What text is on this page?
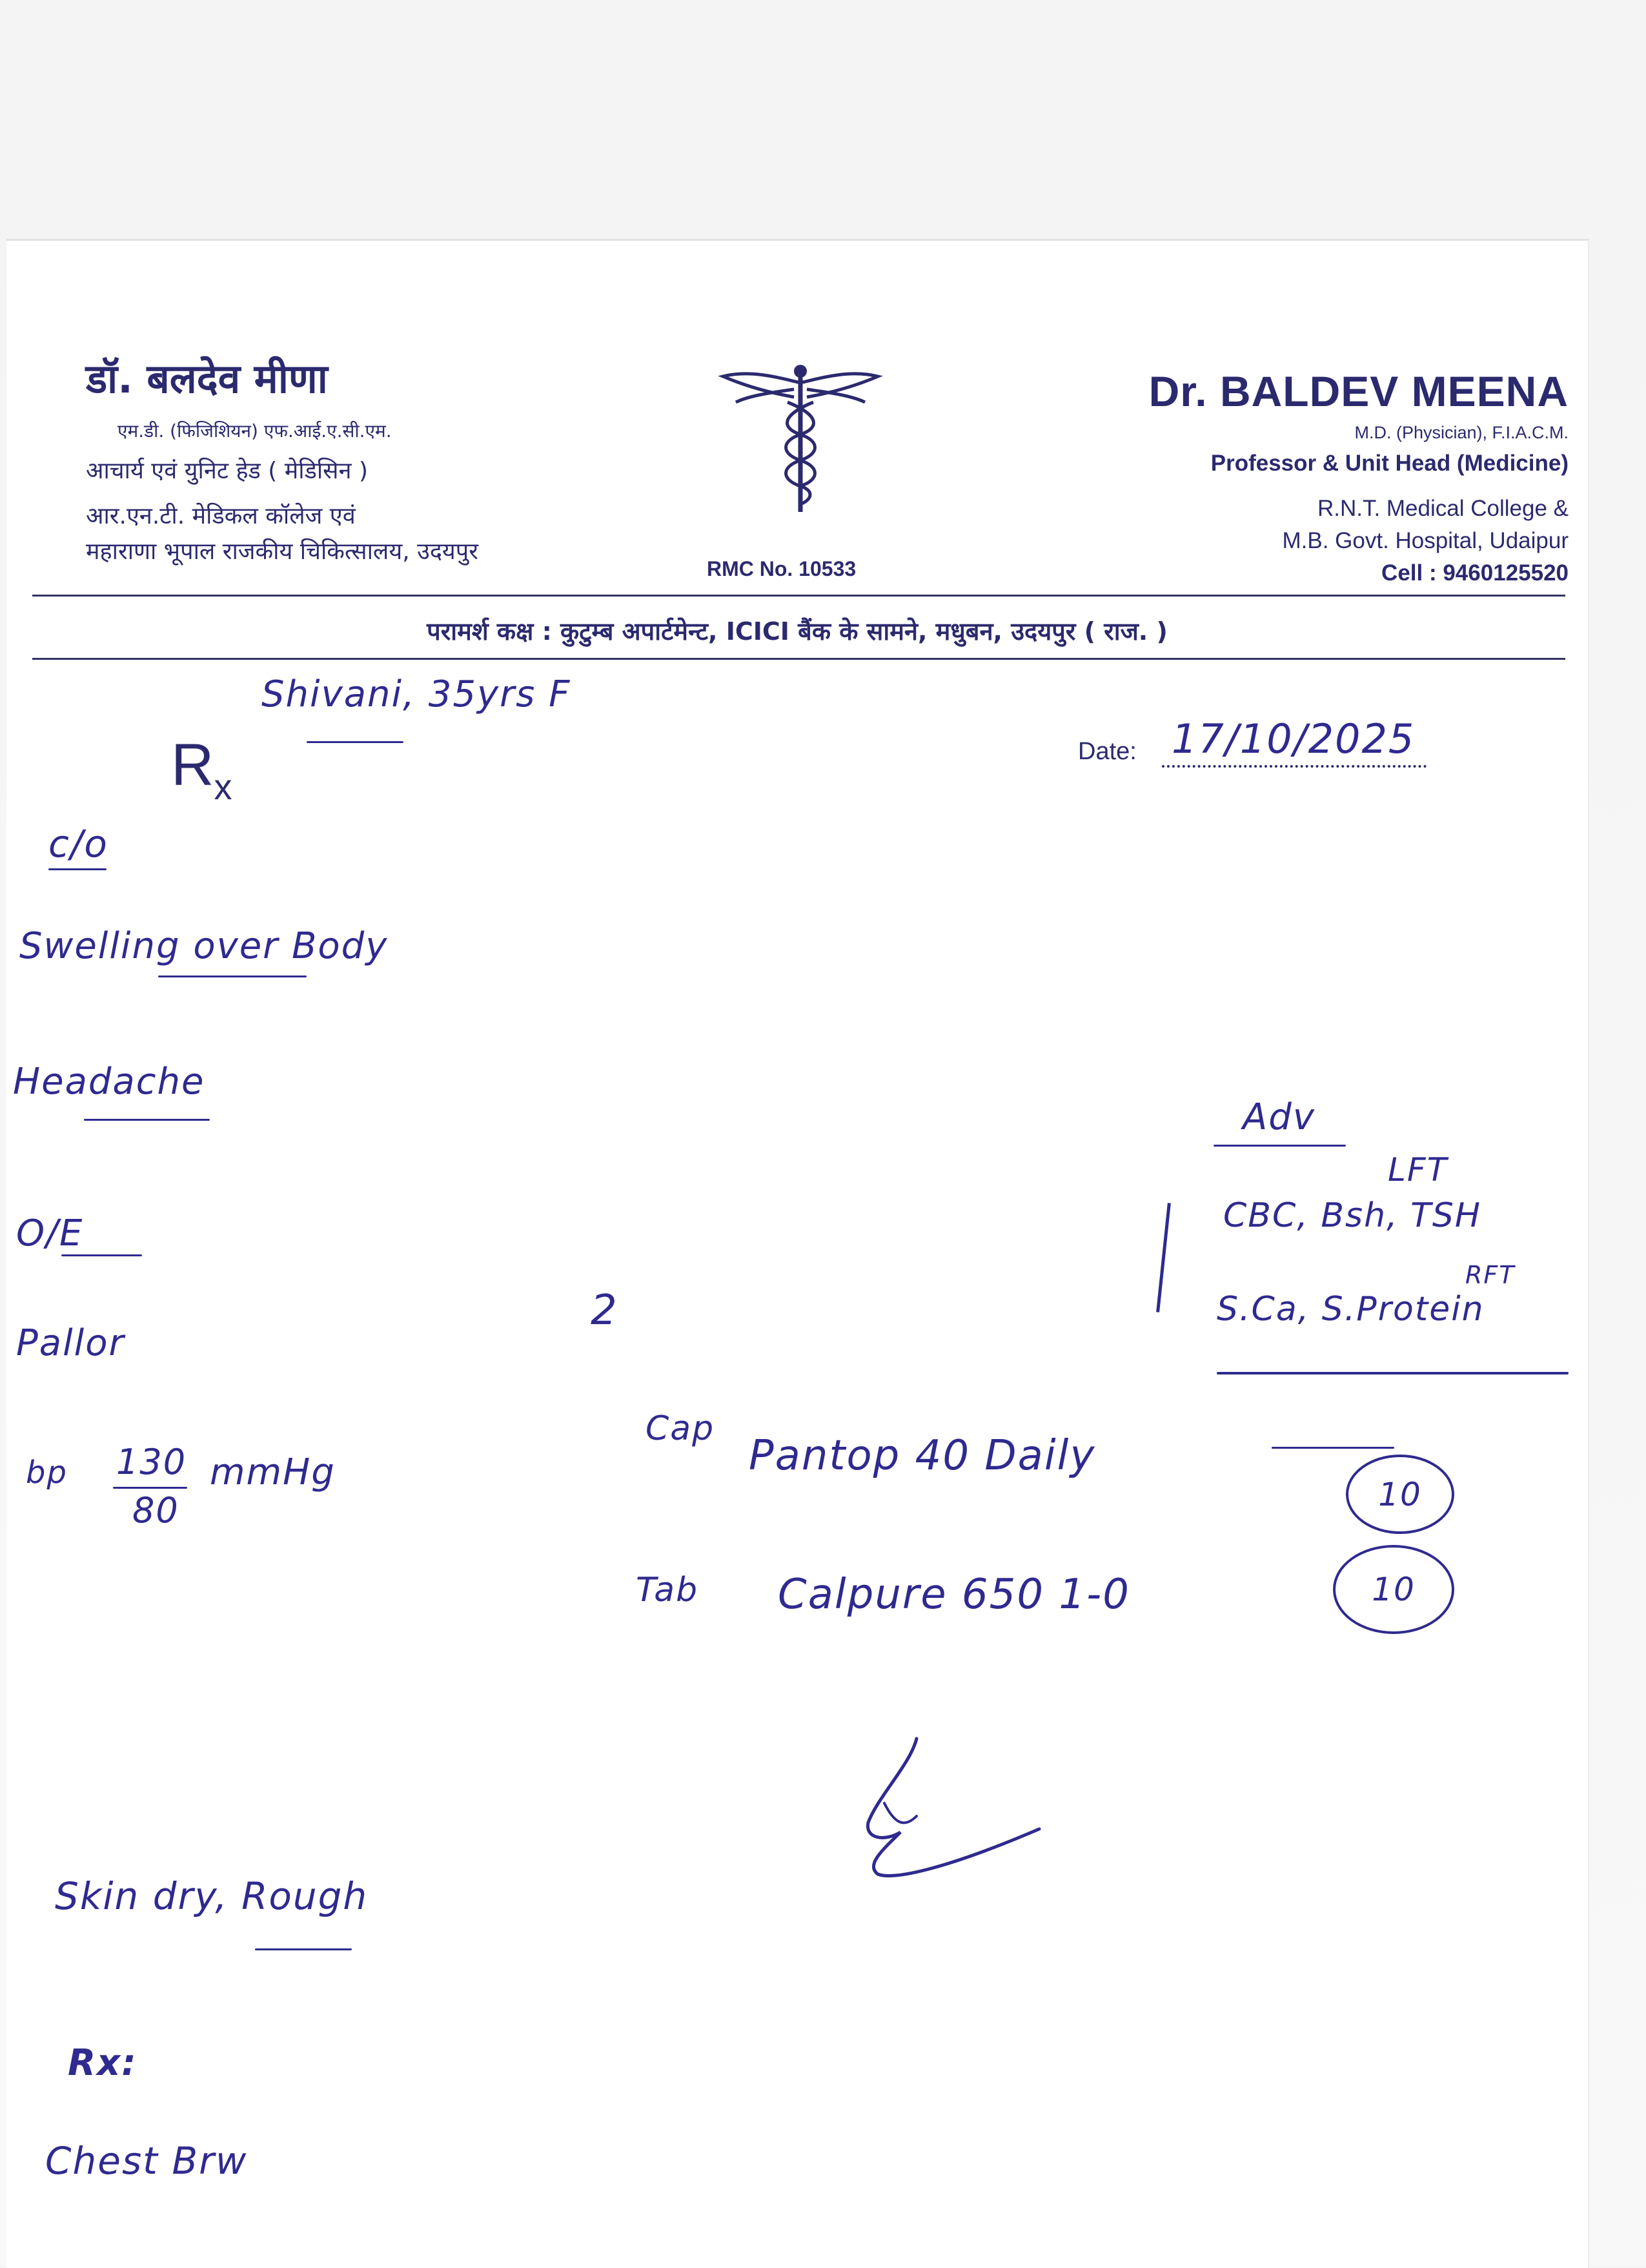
डॉ. बलदेव मीणा
एम.डी. (फिजिशियन) एफ.आई.ए.सी.एम.
आचार्य एवं युनिट हेड ( मेडिसिन )
आर.एन.टी. मेडिकल कॉलेज एवं
महाराणा भूपाल राजकीय चिकित्सालय, उदयपुर
RMC No. 10533
Dr. BALDEV MEENA
M.D. (Physician), F.I.A.C.M.
Professor & Unit Head (Medicine)
R.N.T. Medical College &
M.B. Govt. Hospital, Udaipur
Cell : 9460125520
परामर्श कक्ष : कुटुम्ब अपार्टमेन्ट, ICICI बैंक के सामने, मधुबन, उदयपुर ( राज. )
Shivani, 35yrs F
$R_x$
Date: 17/10/2025
c/o
Swelling over Body
Headache
O/E
Pallor
bp 130
80
mmHg
Skin dry, Rough
Rx:
Chest Brw
Adv
LFT
CBC, Bsh, TSH
S.Ca, S.Protein
RFT
2
Cap
Pantop 40 Daily
10
Tab Calpure 650 1-0	10
